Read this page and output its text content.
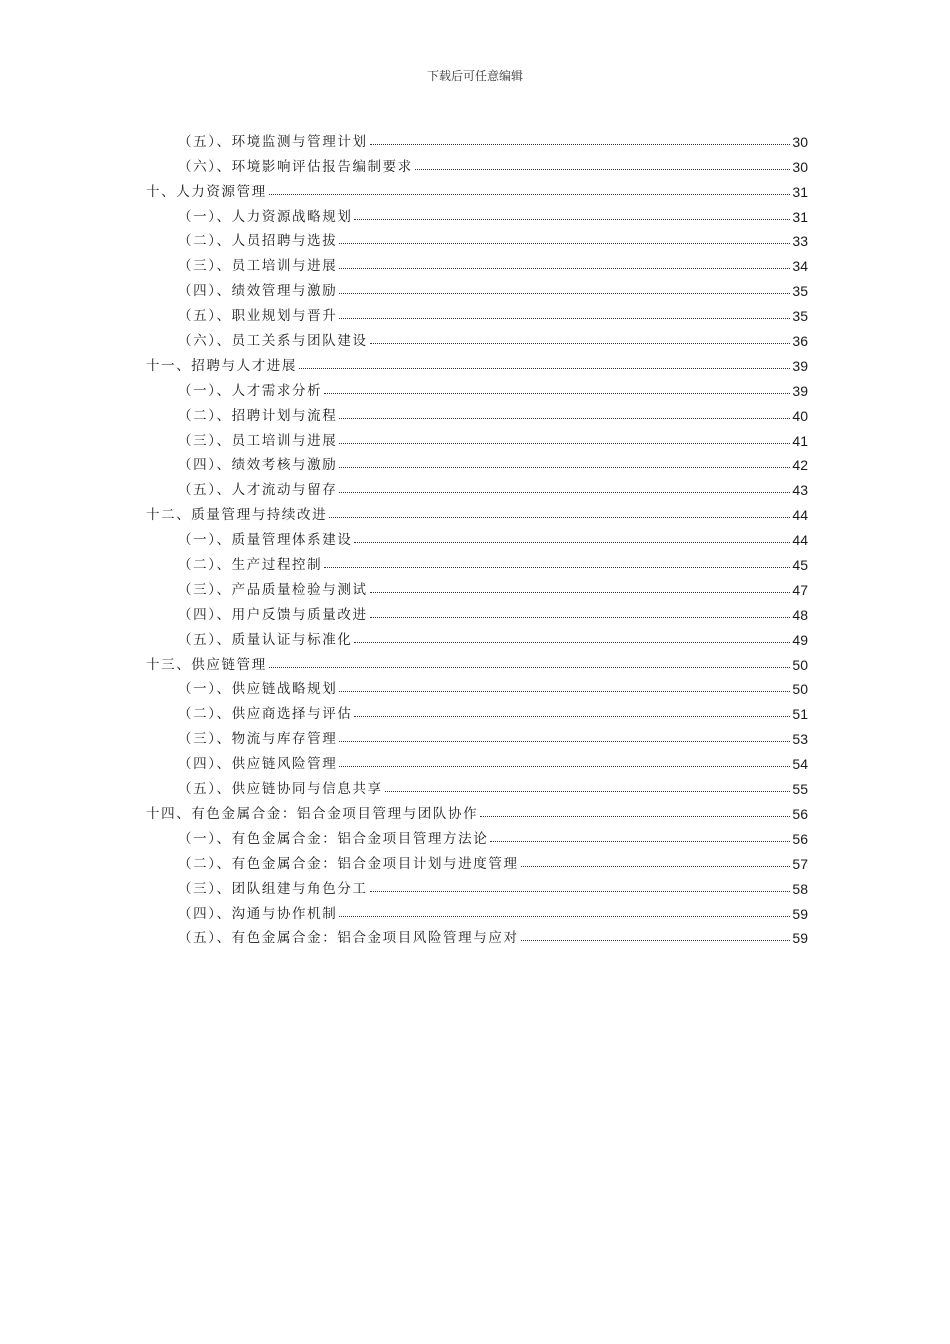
下载后可任意编辑
（五）、环境监测与管理计划	30
（六）、环境影响评估报告编制要求	30
十、人力资源管理	31
（一）、人力资源战略规划	31
（二）、人员招聘与选拔	33
（三）、员工培训与进展	34
（四）、绩效管理与激励	35
（五）、职业规划与晋升	35
（六）、员工关系与团队建设	36
十一、招聘与人才进展	39
（一）、人才需求分析	39
（二）、招聘计划与流程	40
（三）、员工培训与进展	41
（四）、绩效考核与激励	42
（五）、人才流动与留存	43
十二、质量管理与持续改进	44
（一）、质量管理体系建设	44
（二）、生产过程控制	45
（三）、产品质量检验与测试	47
（四）、用户反馈与质量改进	48
（五）、质量认证与标准化	49
十三、供应链管理	50
（一）、供应链战略规划	50
（二）、供应商选择与评估	51
（三）、物流与库存管理	53
（四）、供应链风险管理	54
（五）、供应链协同与信息共享	55
十四、有色金属合金：铝合金项目管理与团队协作	56
（一）、有色金属合金：铝合金项目管理方法论	56
（二）、有色金属合金：铝合金项目计划与进度管理	57
（三）、团队组建与角色分工	58
（四）、沟通与协作机制	59
（五）、有色金属合金：铝合金项目风险管理与应对	59
